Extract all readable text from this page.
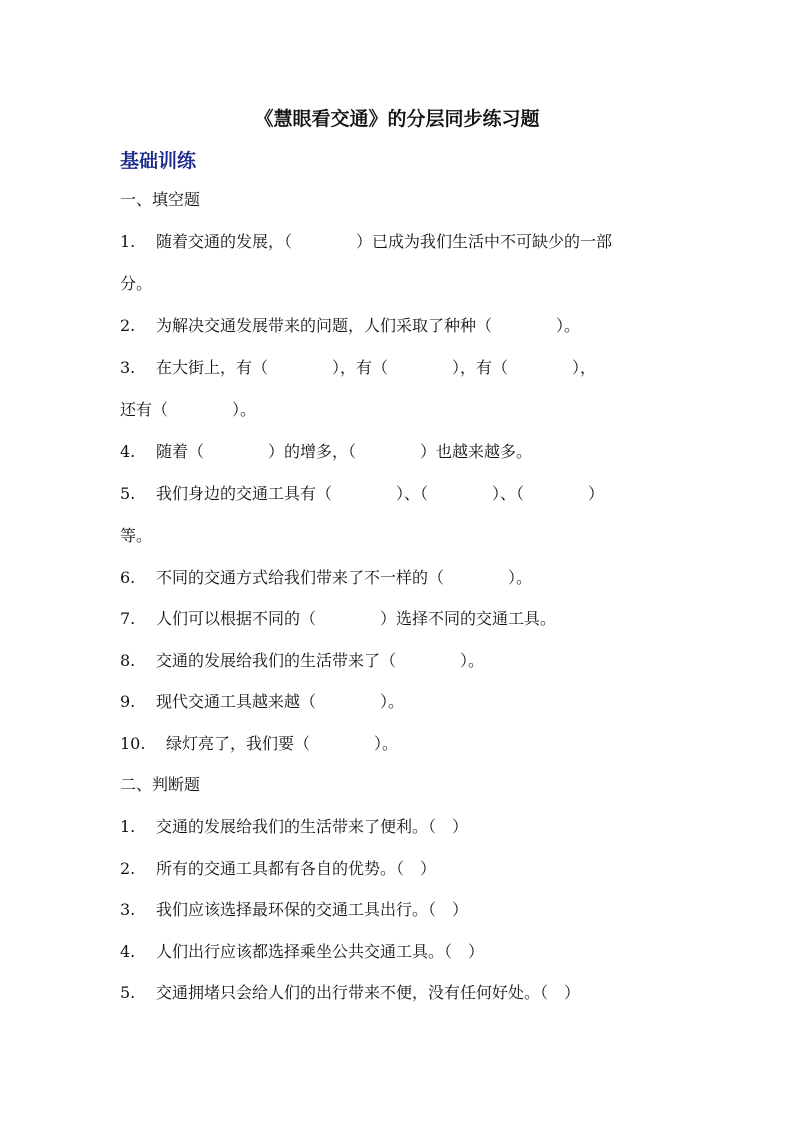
《慧眼看交通》的分层同步练习题
基础训练
一、填空题
1. 随着交通的发展，（　　　　）已成为我们生活中不可缺少的一部
分。
2. 为解决交通发展带来的问题，人们采取了种种（　　　　）。
3. 在大街上，有（　　　　），有（　　　　），有（　　　　），
还有（　　　　）。
4. 随着（　　　　）的增多，（　　　　）也越来越多。
5. 我们身边的交通工具有（　　　　）、（　　　　）、（　　　　）
等。
6. 不同的交通方式给我们带来了不一样的（　　　　）。
7. 人们可以根据不同的（　　　　）选择不同的交通工具。
8. 交通的发展给我们的生活带来了（　　　　）。
9. 现代交通工具越来越（　　　　）。
10. 绿灯亮了，我们要（　　　　）。
二、判断题
1. 交通的发展给我们的生活带来了便利。（　）
2. 所有的交通工具都有各自的优势。（　）
3. 我们应该选择最环保的交通工具出行。（　）
4. 人们出行应该都选择乘坐公共交通工具。（　）
5. 交通拥堵只会给人们的出行带来不便，没有任何好处。（　）
